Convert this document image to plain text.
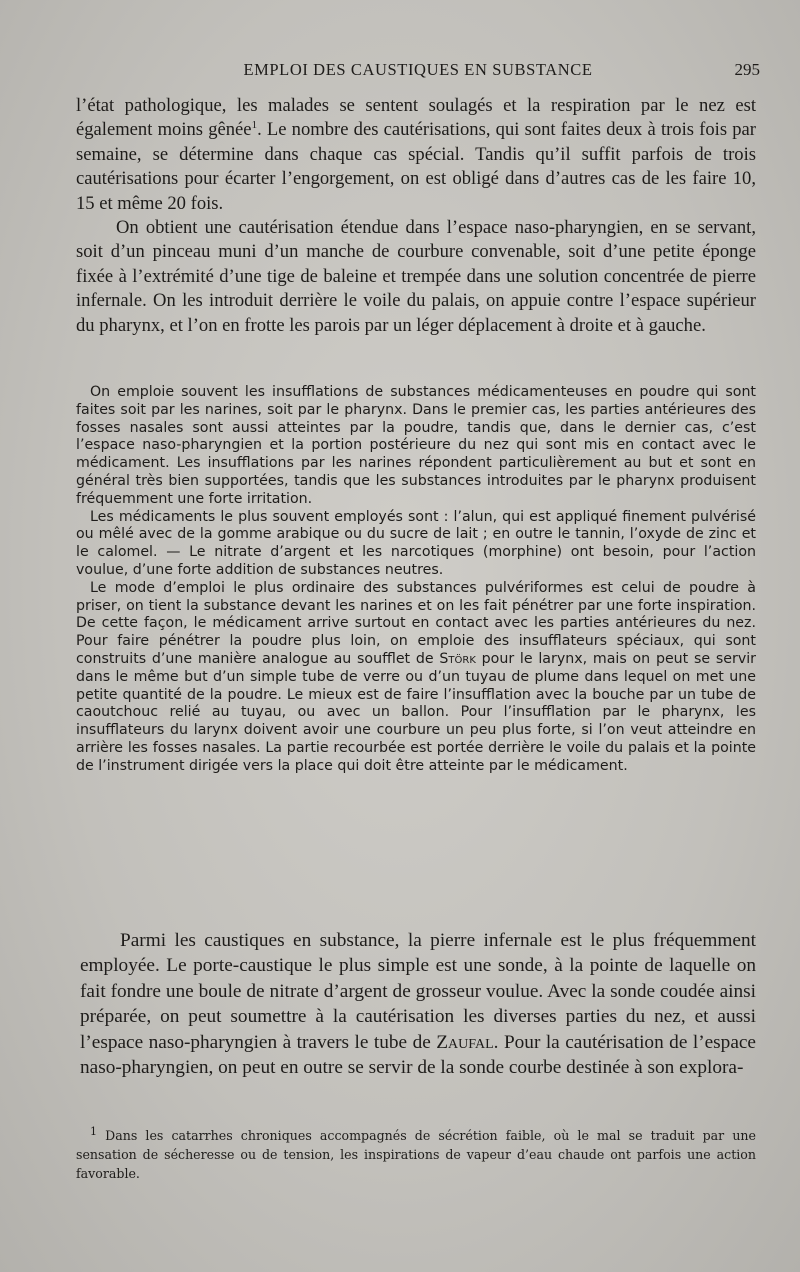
EMPLOI DES CAUSTIQUES EN SUBSTANCE	295

l’état pathologique, les malades se sentent soulagés et la respiration par le nez est également moins gênée$^1$. Le nombre des cautérisations, qui sont faites deux à trois fois par semaine, se détermine dans chaque cas spécial. Tandis qu’il suffit parfois de trois cautérisations pour écarter l’engorgement, on est obligé dans d’autres cas de les faire 10, 15 et même 20 fois.

On obtient une cautérisation étendue dans l’espace naso-pharyngien, en se servant, soit d’un pinceau muni d’un manche de courbure convenable, soit d’une petite éponge fixée à l’extrémité d’une tige de baleine et trempée dans une solution concentrée de pierre infernale. On les introduit derrière le voile du palais, on appuie contre l’espace supérieur du pharynx, et l’on en frotte les parois par un léger déplacement à droite et à gauche.

On emploie souvent les insufflations de substances médicamenteuses en poudre qui sont faites soit par les narines, soit par le pharynx. Dans le premier cas, les parties antérieures des fosses nasales sont aussi atteintes par la poudre, tandis que, dans le dernier cas, c’est l’espace naso-pharyngien et la portion postérieure du nez qui sont mis en contact avec le médicament. Les insufflations par les narines répondent particulièrement au but et sont en général très bien supportées, tandis que les substances introduites par le pharynx produisent fréquemment une forte irritation.

Les médicaments le plus souvent employés sont : l’alun, qui est appliqué finement pulvérisé ou mêlé avec de la gomme arabique ou du sucre de lait ; en outre le tannin, l’oxyde de zinc et le calomel. — Le nitrate d’argent et les narcotiques (morphine) ont besoin, pour l’action voulue, d’une forte addition de substances neutres.

Le mode d’emploi le plus ordinaire des substances pulvériformes est celui de poudre à priser, on tient la substance devant les narines et on les fait pénétrer par une forte inspiration. De cette façon, le médicament arrive surtout en contact avec les parties antérieures du nez. Pour faire pénétrer la poudre plus loin, on emploie des insufflateurs spéciaux, qui sont construits d’une manière analogue au soufflet de Störk pour le larynx, mais on peut se servir dans le même but d’un simple tube de verre ou d’un tuyau de plume dans lequel on met une petite quantité de la poudre. Le mieux est de faire l’insufflation avec la bouche par un tube de caoutchouc relié au tuyau, ou avec un ballon. Pour l’insufflation par le pharynx, les insufflateurs du larynx doivent avoir une courbure un peu plus forte, si l’on veut atteindre en arrière les fosses nasales. La partie recourbée est portée derrière le voile du palais et la pointe de l’instrument dirigée vers la place qui doit être atteinte par le médicament.

Parmi les caustiques en substance, la pierre infernale est le plus fréquemment employée. Le porte-caustique le plus simple est une sonde, à la pointe de laquelle on fait fondre une boule de nitrate d’argent de grosseur voulue. Avec la sonde coudée ainsi préparée, on peut soumettre à la cautérisation les diverses parties du nez, et aussi l’espace naso-pharyngien à travers le tube de Zaufal. Pour la cautérisation de l’espace naso-pharyngien, on peut en outre se servir de la sonde courbe destinée à son explora-

$^1$ Dans les catarrhes chroniques accompagnés de sécrétion faible, où le mal se traduit par une sensation de sécheresse ou de tension, les inspirations de vapeur d’eau chaude ont parfois une action favorable.
